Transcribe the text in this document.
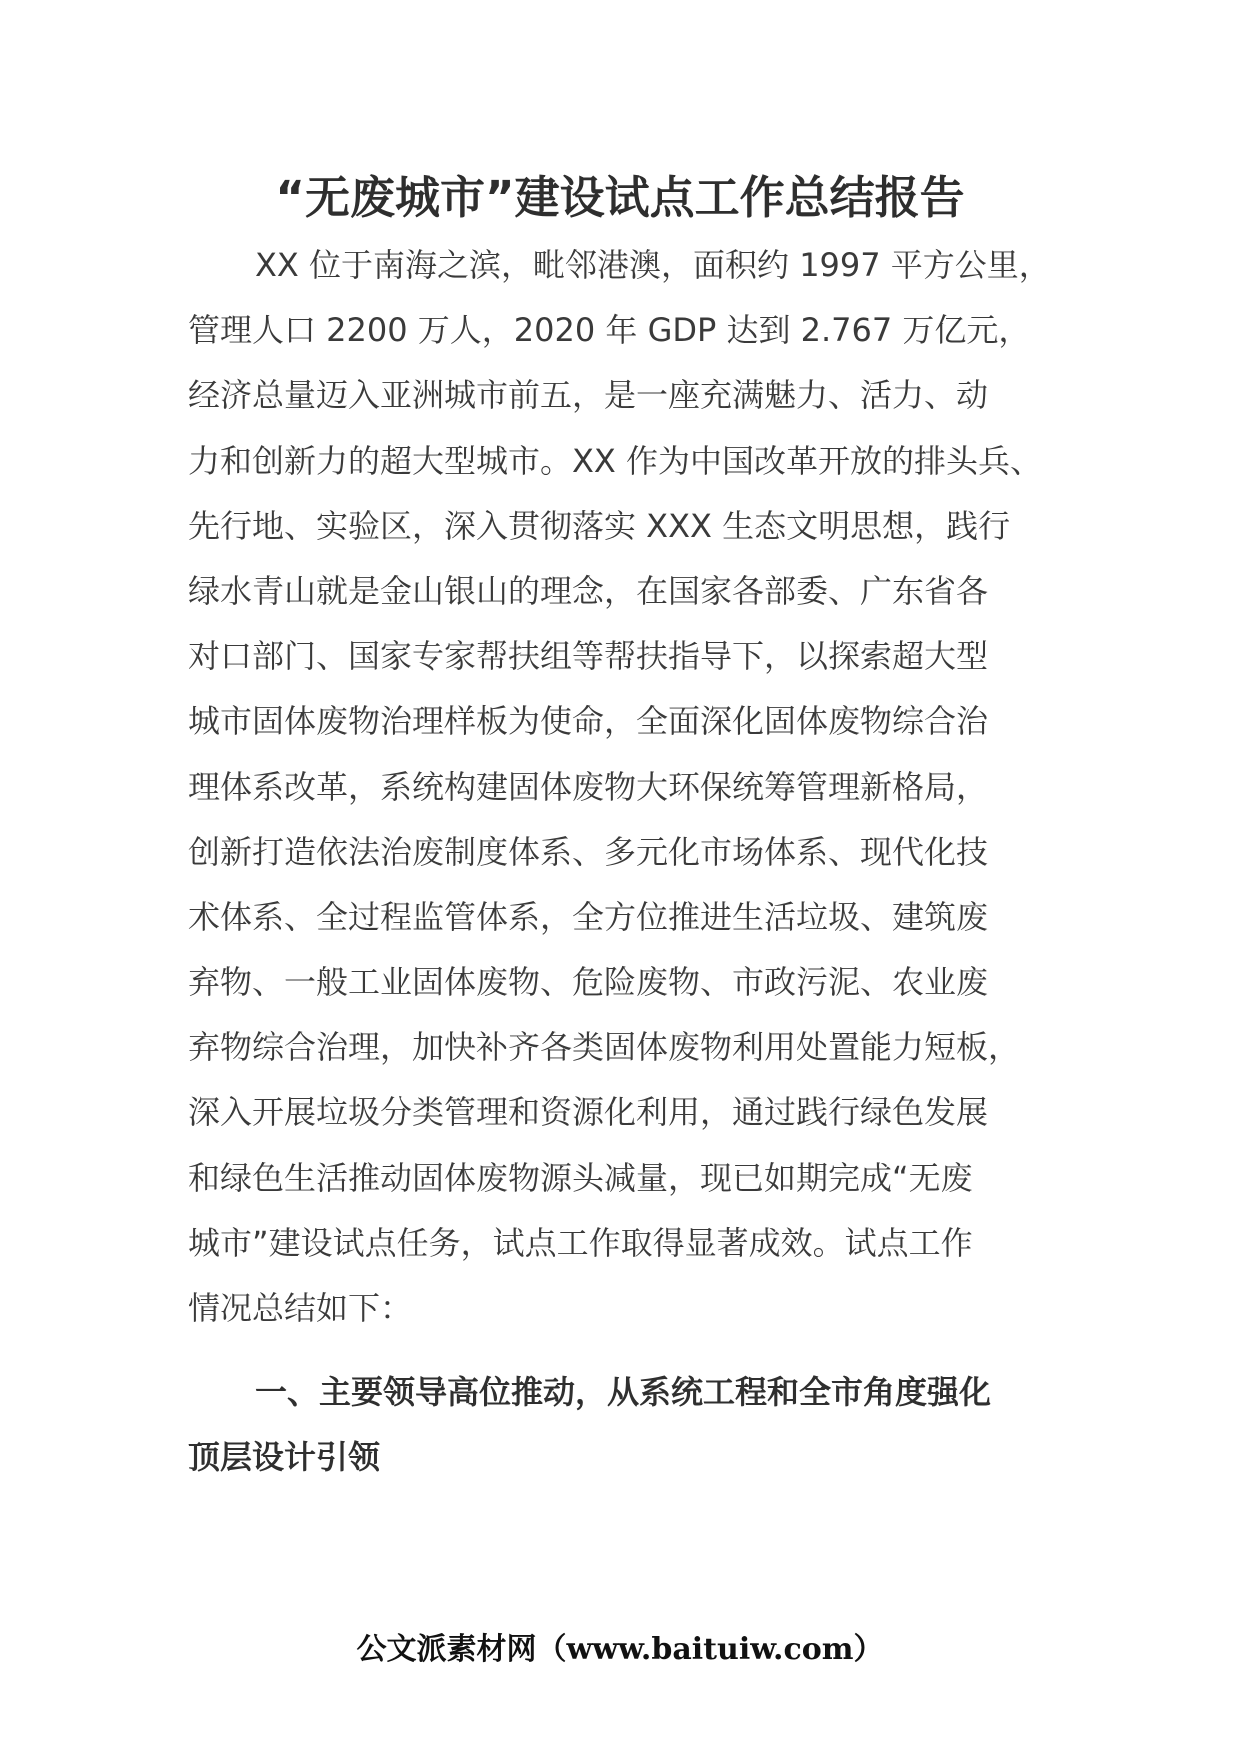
“无废城市”建设试点工作总结报告
XX 位于南海之滨，毗邻港澳，面积约 1997 平方公里，
管理人口 2200 万人，2020 年 GDP 达到 2.767 万亿元，
经济总量迈入亚洲城市前五，是一座充满魅力、活力、动
力和创新力的超大型城市。XX 作为中国改革开放的排头兵、
先行地、实验区，深入贯彻落实 XXX 生态文明思想，践行
绿水青山就是金山银山的理念，在国家各部委、广东省各
对口部门、国家专家帮扶组等帮扶指导下，以探索超大型
城市固体废物治理样板为使命，全面深化固体废物综合治
理体系改革，系统构建固体废物大环保统筹管理新格局，
创新打造依法治废制度体系、多元化市场体系、现代化技
术体系、全过程监管体系，全方位推进生活垃圾、建筑废
弃物、一般工业固体废物、危险废物、市政污泥、农业废
弃物综合治理，加快补齐各类固体废物利用处置能力短板，
深入开展垃圾分类管理和资源化利用，通过践行绿色发展
和绿色生活推动固体废物源头减量，现已如期完成“无废
城市”建设试点任务，试点工作取得显著成效。试点工作
情况总结如下：
一、主要领导高位推动，从系统工程和全市角度强化
顶层设计引领
公文派素材网（www.baituiw.com）
